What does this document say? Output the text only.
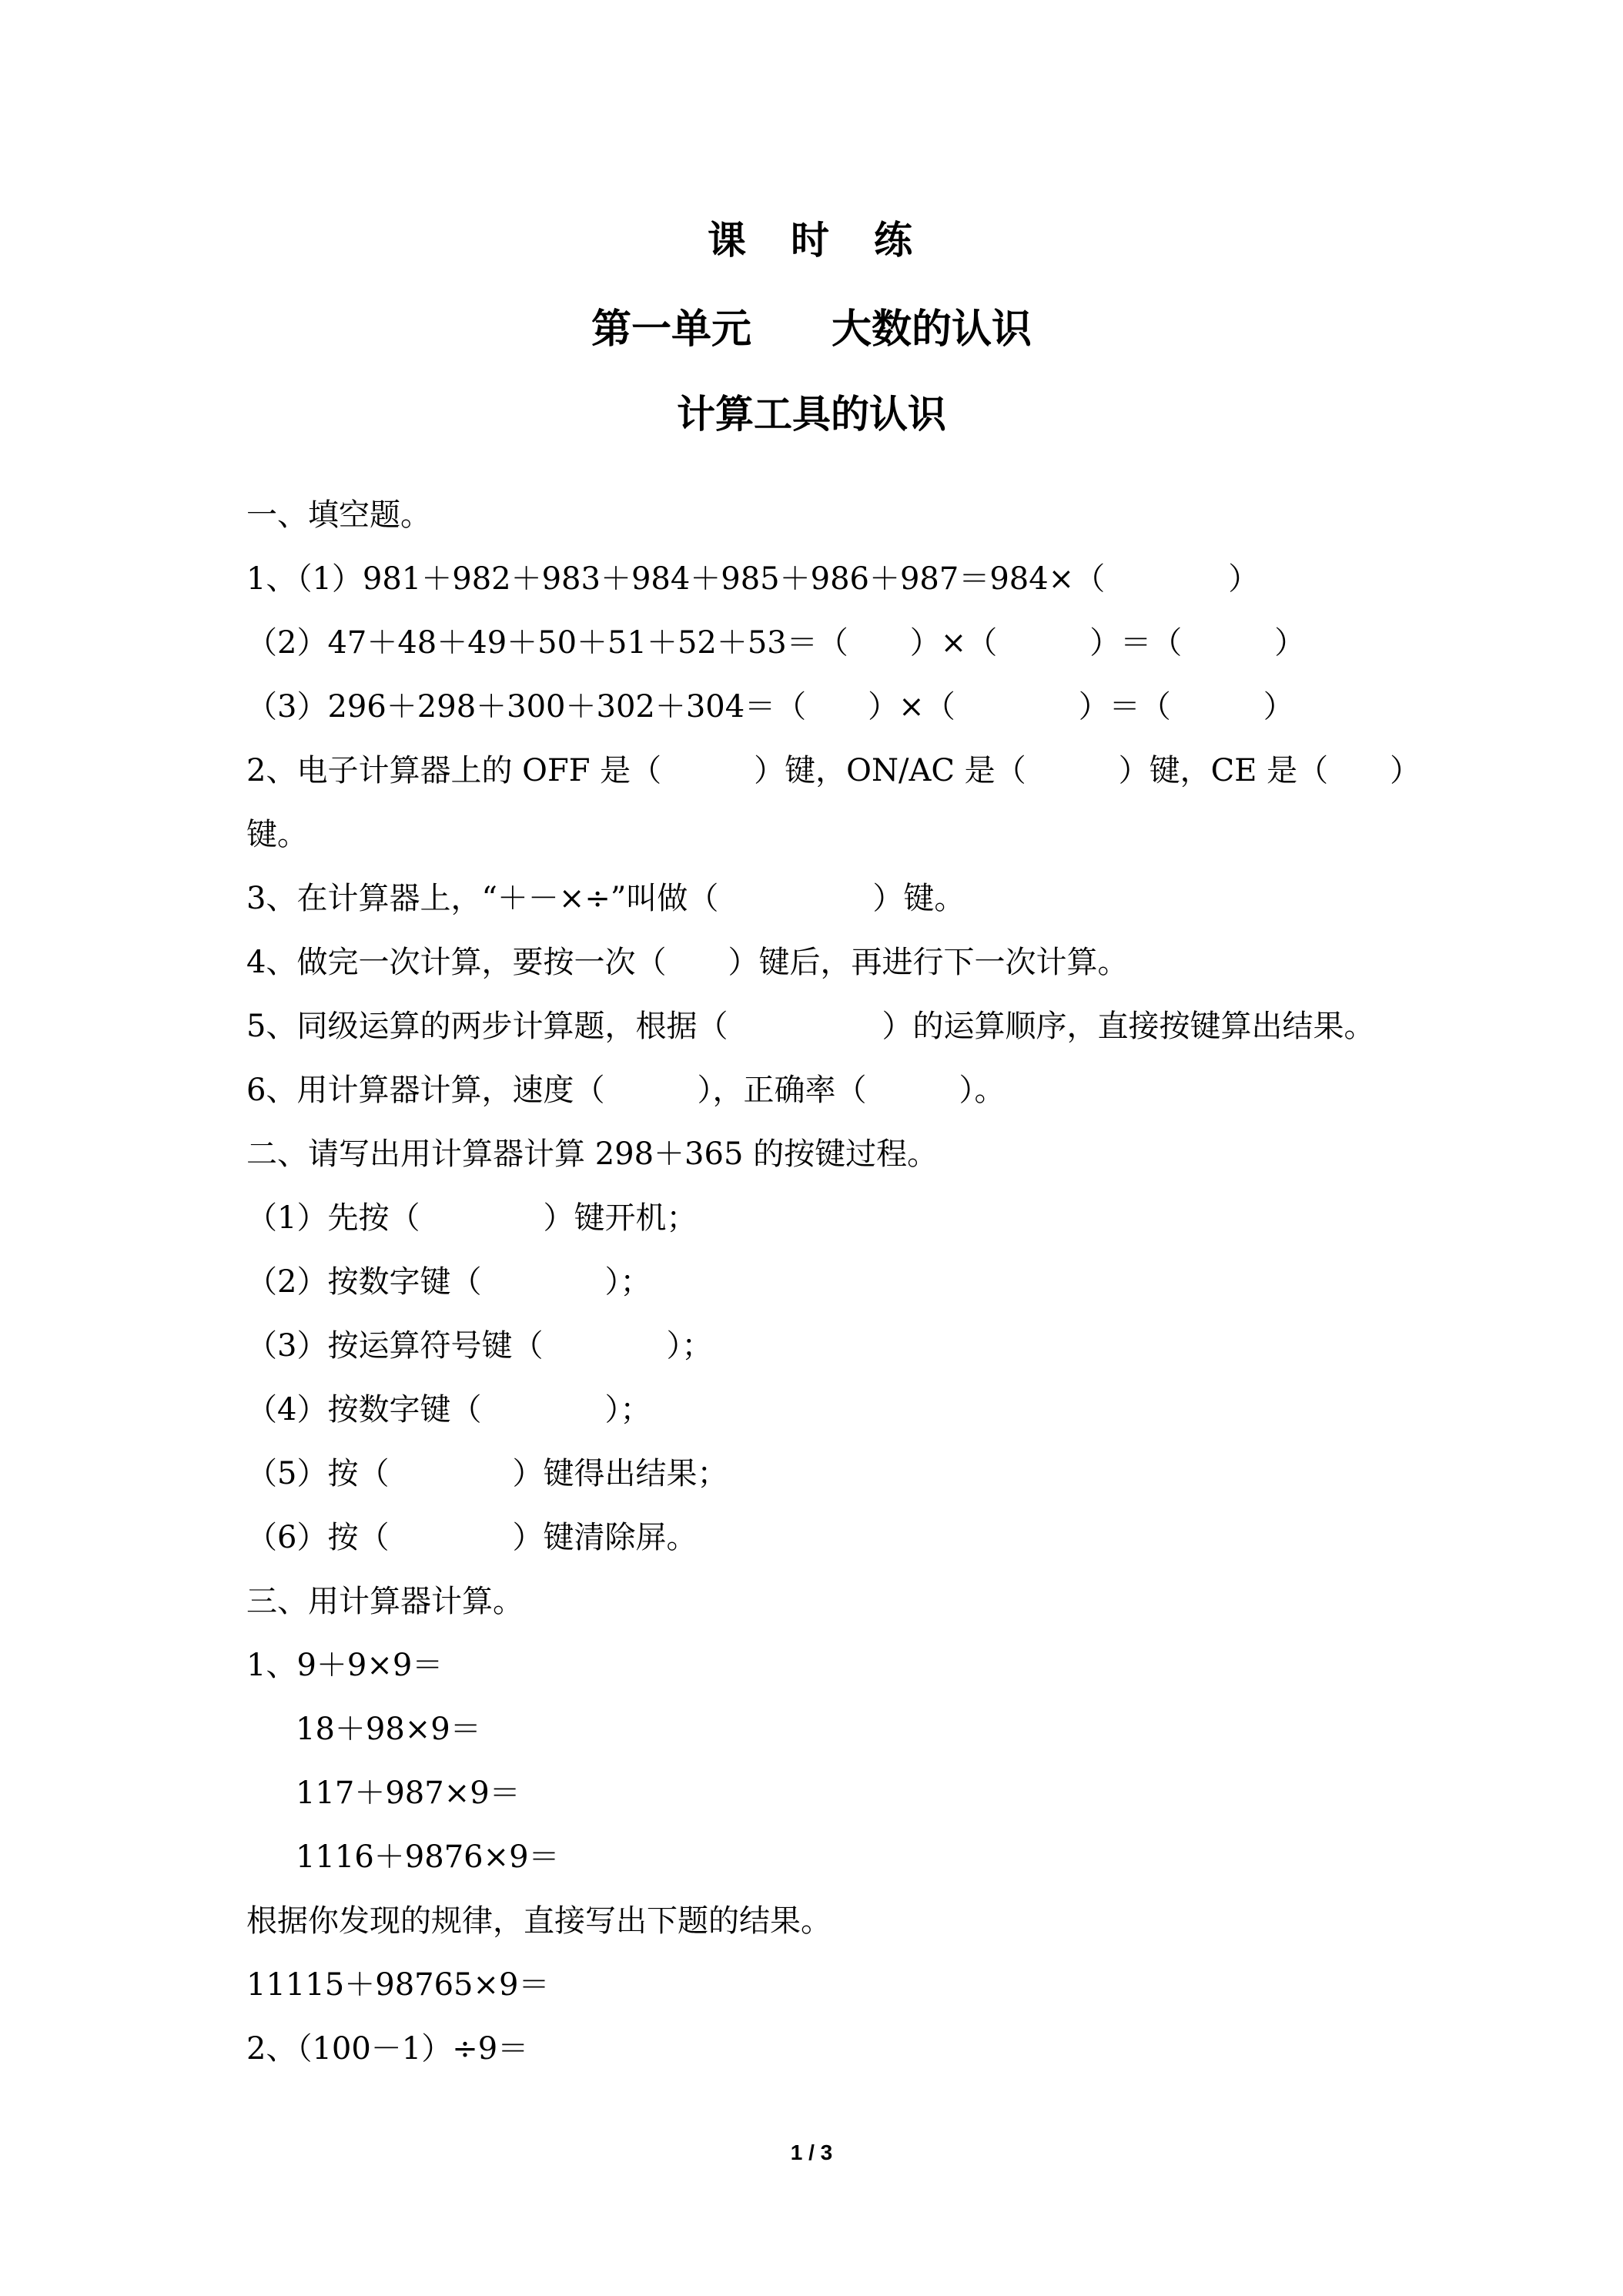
课　时　练
第一单元　　大数的认识
计算工具的认识
一、填空题。
1、（1）981＋982＋983＋984＋985＋986＋987＝984×（　　　　）
（2）47＋48＋49＋50＋51＋52＋53＝（　　）×（　　　）＝（　　　）
（3）296＋298＋300＋302＋304＝（　　）×（　　　　）＝（　　　）
2、电子计算器上的 OFF 是（　　　）键，ON/AC 是（　　　）键，CE 是（　　）
键。
3、在计算器上，“＋－×÷”叫做（　　　　　）键。
4、做完一次计算，要按一次（　　）键后，再进行下一次计算。
5、同级运算的两步计算题，根据（　　　　　）的运算顺序，直接按键算出结果。
6、用计算器计算，速度（　　　），正确率（　　　）。
二、请写出用计算器计算 298＋365 的按键过程。
（1）先按（　　　　）键开机；
（2）按数字键（　　　　）；
（3）按运算符号键（　　　　）；
（4）按数字键（　　　　）；
（5）按（　　　　）键得出结果；
（6）按（　　　　）键清除屏。
三、用计算器计算。
1、9＋9×9＝
18＋98×9＝
117＋987×9＝
1116＋9876×9＝
根据你发现的规律，直接写出下题的结果。
11115＋98765×9＝
2、（100－1）÷9＝
1 / 3
